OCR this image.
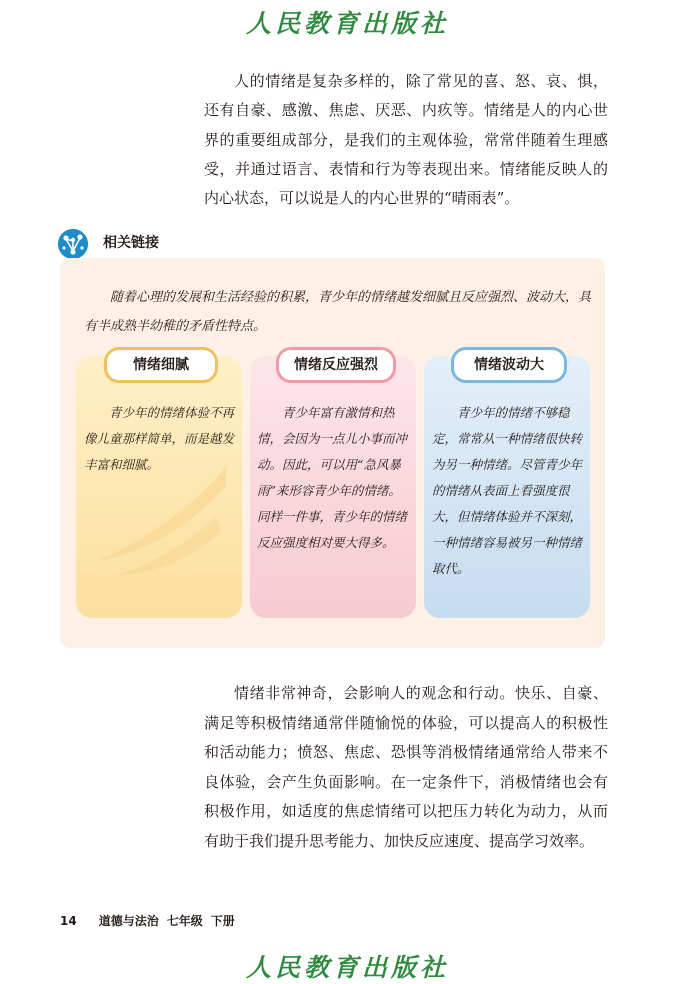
人民教育出版社

人的情绪是复杂多样的，除了常见的喜、怒、哀、惧，还有自豪、感激、焦虑、厌恶、内疚等。情绪是人的内心世界的重要组成部分，是我们的主观体验，常常伴随着生理感受，并通过语言、表情和行为等表现出来。情绪能反映人的内心状态，可以说是人的内心世界的“晴雨表”。

相关链接

随着心理的发展和生活经验的积累，青少年的情绪越发细腻且反应强烈、波动大，具有半成熟半幼稚的矛盾性特点。

情绪细腻	情绪反应强烈	情绪波动大

青少年的情绪体验不再像儿童那样简单，而是越发丰富和细腻。

青少年富有激情和热情，会因为一点儿小事而冲动。因此，可以用“急风暴雨”来形容青少年的情绪。同样一件事，青少年的情绪反应强度相对要大得多。

青少年的情绪不够稳定，常常从一种情绪很快转为另一种情绪。尽管青少年的情绪从表面上看强度很大，但情绪体验并不深刻，一种情绪容易被另一种情绪取代。

情绪非常神奇，会影响人的观念和行动。快乐、自豪、满足等积极情绪通常伴随愉悦的体验，可以提高人的积极性和活动能力；愤怒、焦虑、恐惧等消极情绪通常给人带来不良体验，会产生负面影响。在一定条件下，消极情绪也会有积极作用，如适度的焦虑情绪可以把压力转化为动力，从而有助于我们提升思考能力、加快反应速度、提高学习效率。

14 道德与法治 七年级 下册
人民教育出版社
